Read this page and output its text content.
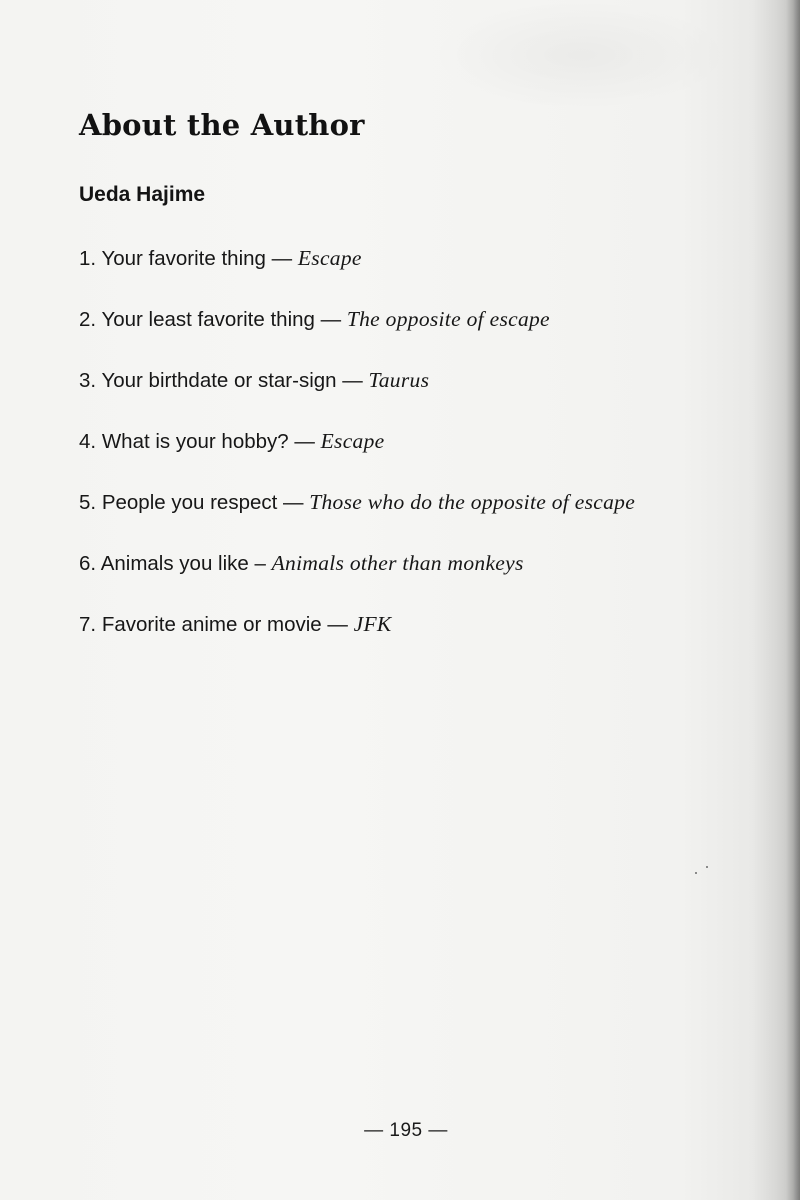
About the Author
Ueda Hajime
1. Your favorite thing — Escape
2. Your least favorite thing — The opposite of escape
3. Your birthdate or star-sign — Taurus
4. What is your hobby? — Escape
5. People you respect — Those who do the opposite of escape
6. Animals you like – Animals other than monkeys
7. Favorite anime or movie — JFK
— 195 —
